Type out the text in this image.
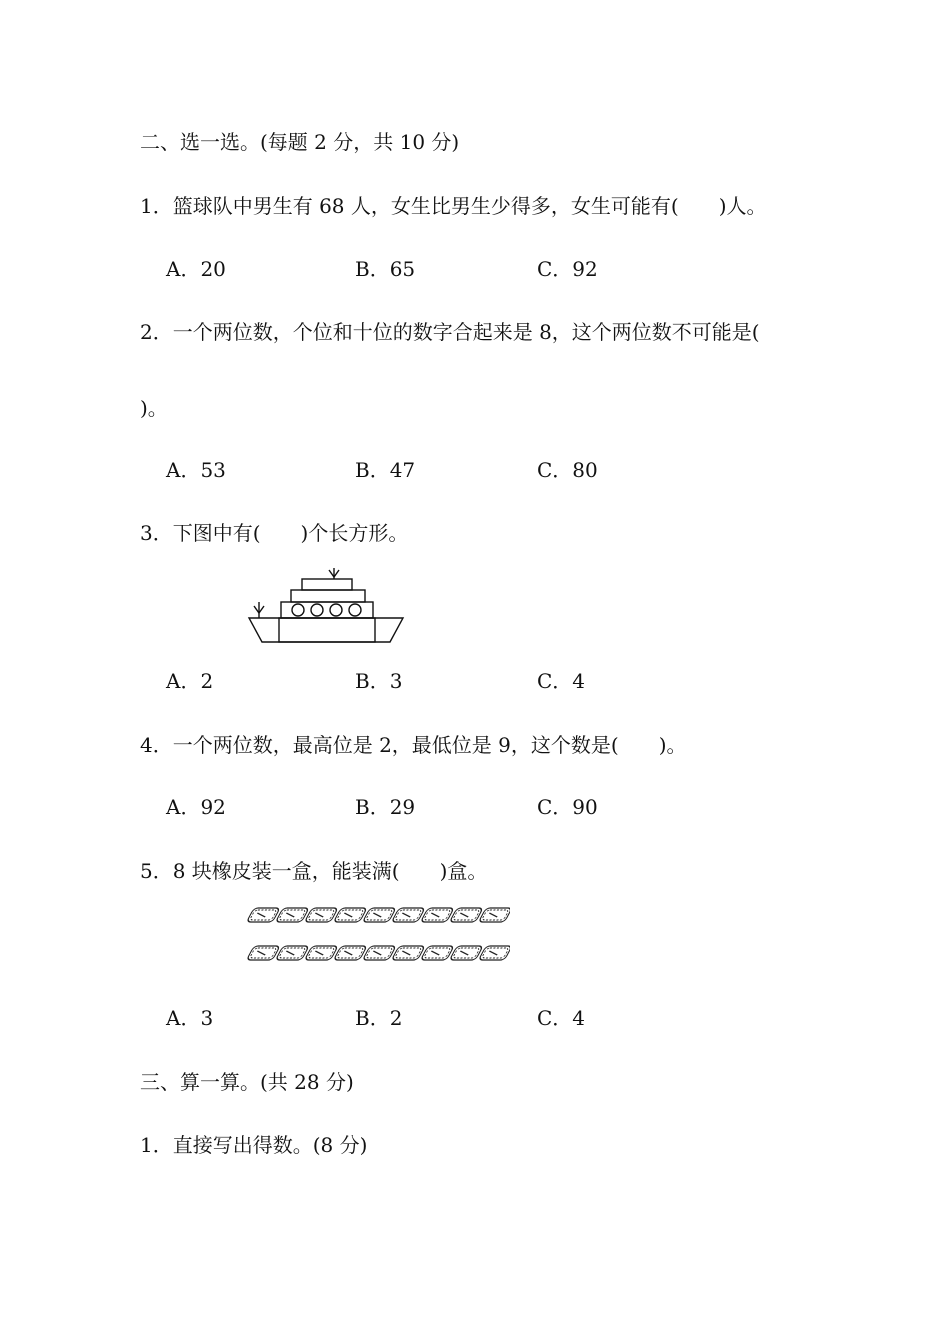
二、选一选。(每题 2 分，共 10 分)
1．篮球队中男生有 68 人，女生比男生少得多，女生可能有(　　)人。
A．20	B．65	C．92
2．一个两位数，个位和十位的数字合起来是 8，这个两位数不可能是(
)。
A．53	B．47	C．80
3．下图中有(　　)个长方形。
A．2	B．3	C．4
4．一个两位数，最高位是 2，最低位是 9，这个数是(　　)。
A．92	B．29	C．90
5．8 块橡皮装一盒，能装满(　　)盒。
A．3	B．2	C．4
三、算一算。(共 28 分)
1．直接写出得数。(8 分)
